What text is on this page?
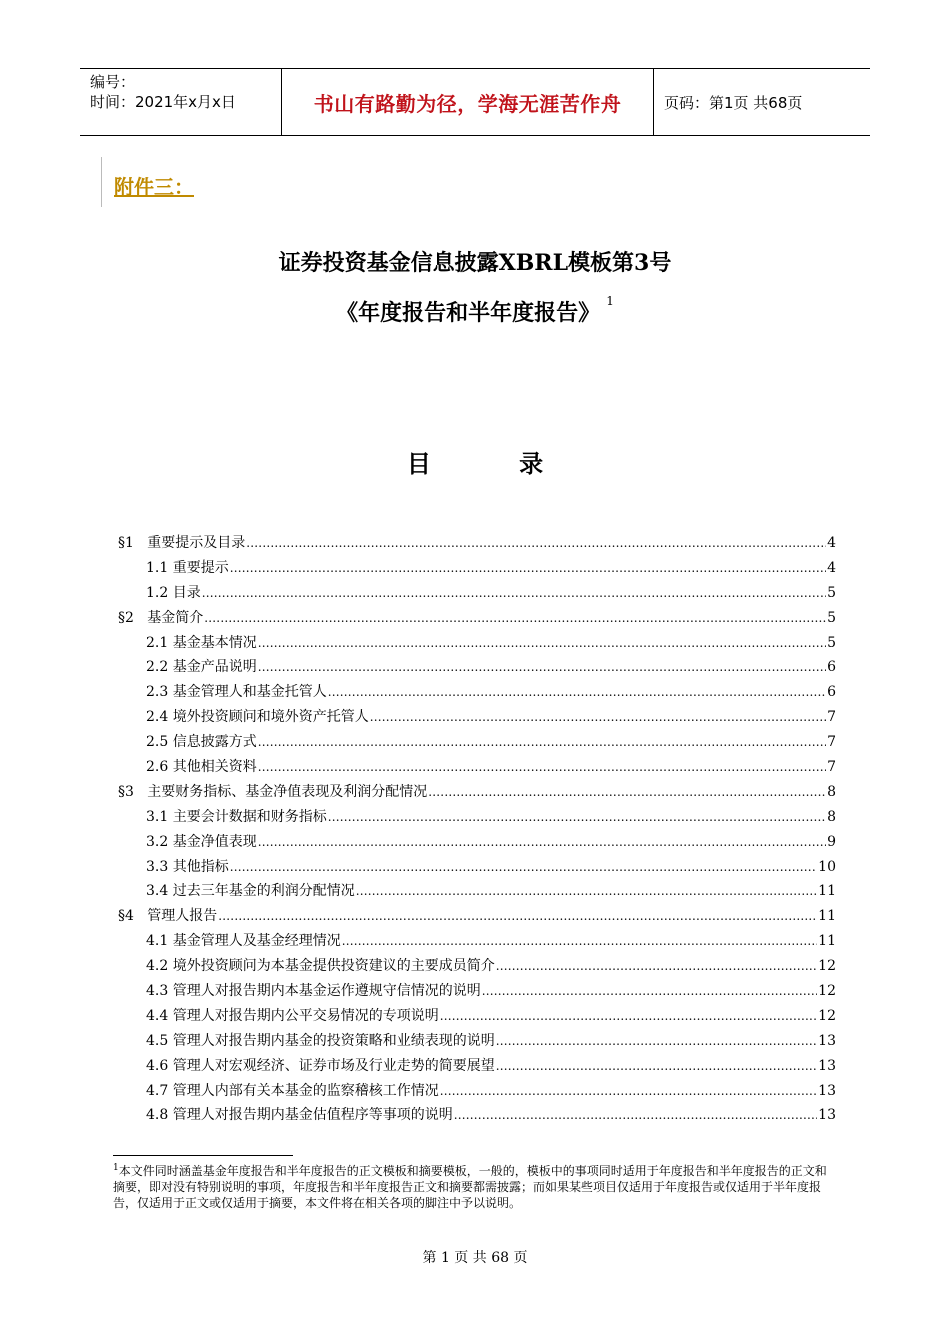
编号：
时间：2021年x月x日	书山有路勤为径，学海无涯苦作舟	页码：第1页 共68页
附件三：
证券投资基金信息披露XBRL模板第3号
《年度报告和半年度报告》 $^1$
目 录
§1 重要提示及目录 .....	4
1.1 重要提示 .....	4
1.2 目录 .....	5
§2 基金简介 .....	5
2.1 基金基本情况 .....	5
2.2 基金产品说明 .....	6
2.3 基金管理人和基金托管人 .....	6
2.4 境外投资顾问和境外资产托管人 .....	7
2.5 信息披露方式 .....	7
2.6 其他相关资料 .....	7
§3 主要财务指标、基金净值表现及利润分配情况 .....	8
3.1 主要会计数据和财务指标 .....	8
3.2 基金净值表现 .....	9
3.3 其他指标 .....	10
3.4 过去三年基金的利润分配情况 .....	11
§4 管理人报告 .....	11
4.1 基金管理人及基金经理情况 .....	11
4.2 境外投资顾问为本基金提供投资建议的主要成员简介 .....	12
4.3 管理人对报告期内本基金运作遵规守信情况的说明 .....	12
4.4 管理人对报告期内公平交易情况的专项说明 .....	12
4.5 管理人对报告期内基金的投资策略和业绩表现的说明 .....	13
4.6 管理人对宏观经济、证券市场及行业走势的简要展望 .....	13
4.7 管理人内部有关本基金的监察稽核工作情况 .....	13
4.8 管理人对报告期内基金估值程序等事项的说明 .....	13
$^1$本文件同时涵盖基金年度报告和半年度报告的正文模板和摘要模板，一般的，模板中的事项同时适用于年度报告和半年度报告的正文和摘要，即对没有特别说明的事项，年度报告和半年度报告正文和摘要都需披露；而如果某些项目仅适用于年度报告或仅适用于半年度报告，仅适用于正文或仅适用于摘要，本文件将在相关各项的脚注中予以说明。
第 1 页 共 68 页
